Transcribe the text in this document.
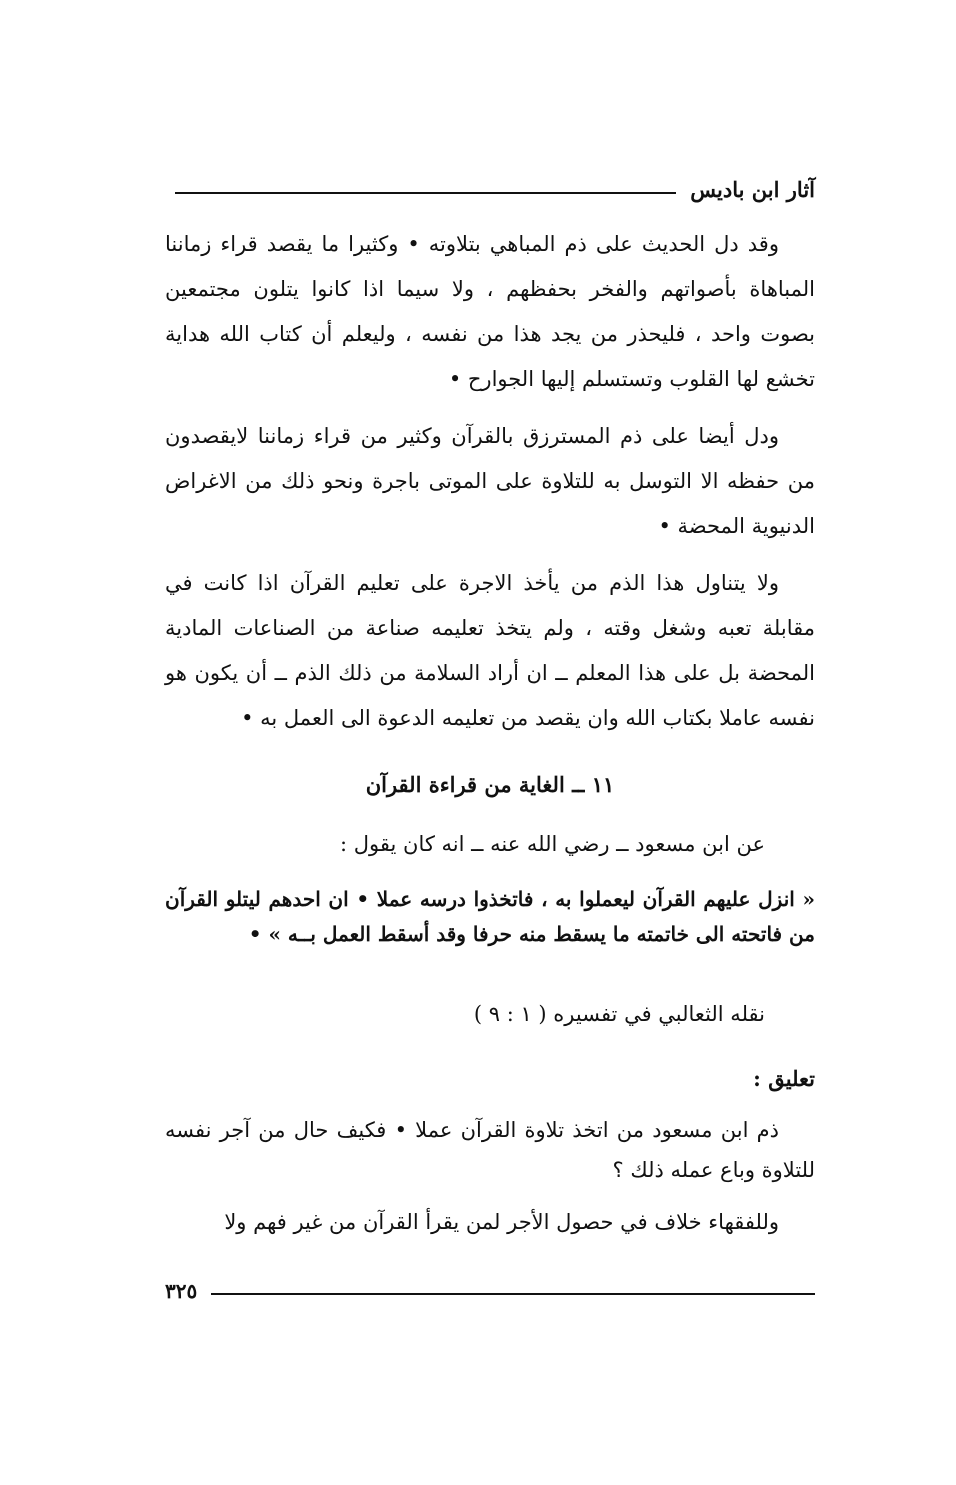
آثار ابن باديس

وقد دل الحديث على ذم المباهي بتلاوته • وكثيرا ما يقصد قراء زماننا المباهاة بأصواتهم والفخر بحفظهم ، ولا سيما اذا كانوا يتلون مجتمعين بصوت واحد ، فليحذر من يجد هذا من نفسه ، وليعلم أن كتاب الله هداية تخشع لها القلوب وتستسلم إليها الجوارح •

ودل أيضا على ذم المسترزق بالقرآن وكثير من قراء زماننا لايقصدون من حفظه الا التوسل به للتلاوة على الموتى باجرة ونحو ذلك من الاغراض الدنيوية المحضة •

ولا يتناول هذا الذم من يأخذ الاجرة على تعليم القرآن اذا كانت في مقابلة تعبه وشغل وقته ، ولم يتخذ تعليمه صناعة من الصناعات المادية المحضة بل على هذا المعلم ــ ان أراد السلامة من ذلك الذم ــ أن يكون هو نفسه عاملا بكتاب الله وان يقصد من تعليمه الدعوة الى العمل به •

١١ ــ الغاية من قراءة القرآن
عن ابن مسعود ــ رضي الله عنه ــ انه كان يقول :
« انزل عليهم القرآن ليعملوا به ، فاتخذوا درسه عملا • ان احدهم ليتلو القرآن من فاتحته الى خاتمته ما يسقط منه حرفا وقد أسقط العمل بــه » •
نقله الثعالبي في تفسيره ( ١ : ٩ )
تعليق :

ذم ابن مسعود من اتخذ تلاوة القرآن عملا • فكيف حال من آجر نفسه للتلاوة وباع عمله ذلك ؟

وللفقهاء خلاف في حصول الأجر لمن يقرأ القرآن من غير فهم ولا

٣٢٥
